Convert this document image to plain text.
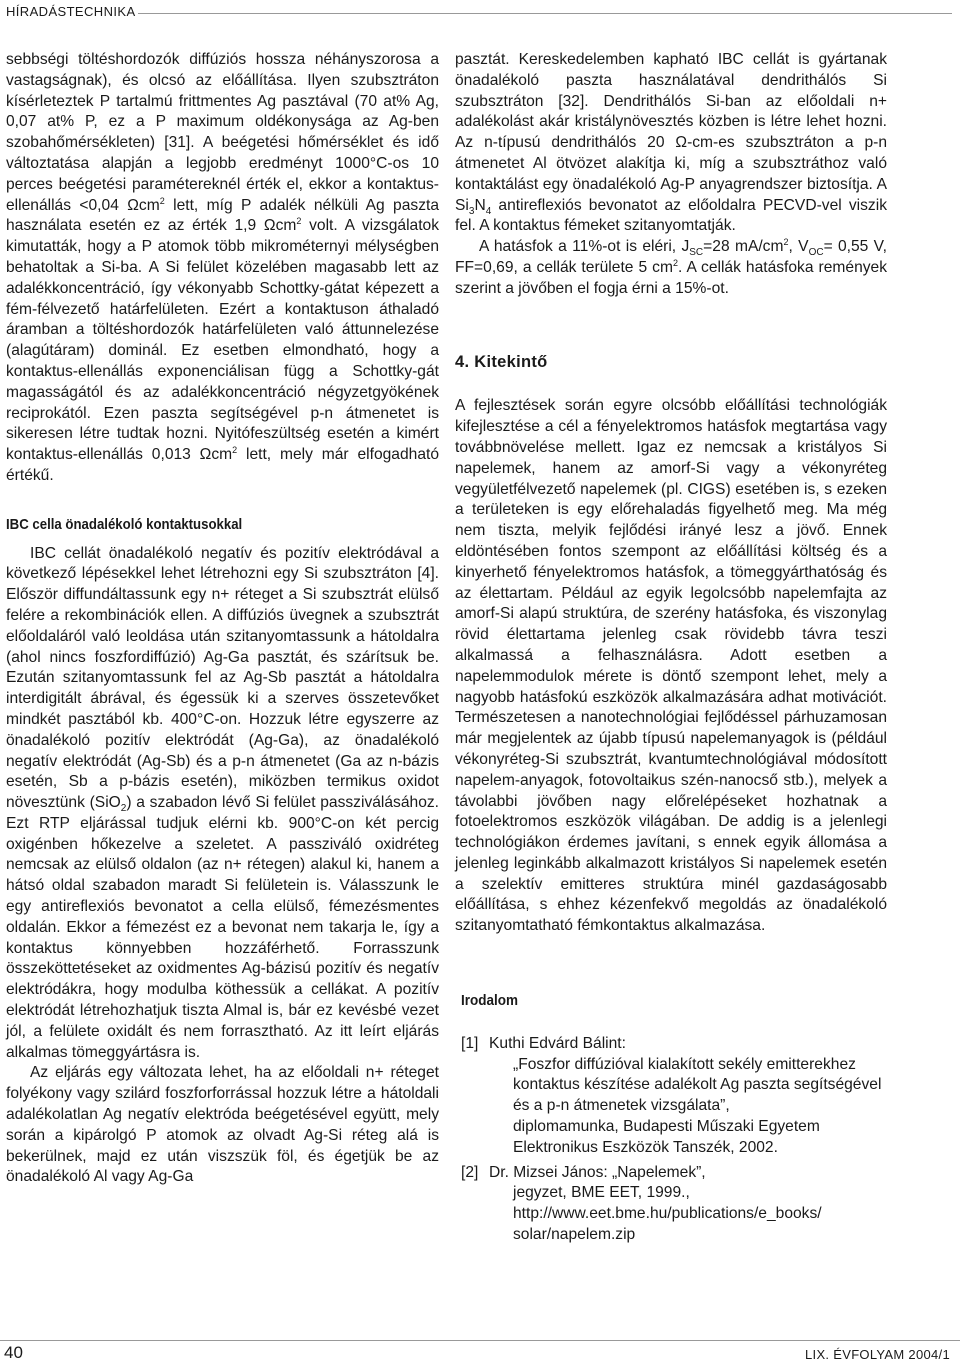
HÍRADÁSTECHNIKA

sebbségi töltéshordozók diffúziós hossza néhányszorosa a vastagságnak), és olcsó az előállítása. Ilyen szubsztráton kísérleteztek P tartalmú frittmentes Ag pasztával (70 at% Ag, 0,07 at% P, ez a P maximum oldékonysága az Ag-ben szobahőmérsékleten) [31]. A beégetési hőmérséklet és idő változtatása alapján a legjobb eredményt 1000°C-os 10 perces beégetési paramétereknél érték el, ekkor a kontaktus-ellenállás <0,04 Ωcm$^2$ lett, míg P adalék nélküli Ag paszta használata esetén ez az érték 1,9 Ωcm$^2$ volt. A vizsgálatok kimutatták, hogy a P atomok több mikrométernyi mélységben behatoltak a Si-ba. A Si felület közelében magasabb lett az adalékkoncentráció, így vékonyabb Schottky-gátat képezett a fém-félvezető határfelületen. Ezért a kontaktuson áthaladó áramban a töltéshordozók határfelületen való áttunnelezése (alagútáram) dominál. Ez esetben elmondható, hogy a kontaktus-ellenállás exponenciálisan függ a Schottky-gát magasságától és az adalékkoncentráció négyzetgyökének reciprokától. Ezen paszta segítségével p-n átmenetet is sikeresen létre tudtak hozni. Nyitófeszültség esetén a kimért kontaktus-ellenállás 0,013 Ωcm$^2$ lett, mely már elfogadható értékű.

IBC cella önadalékoló kontaktusokkal

IBC cellát önadalékoló negatív és pozitív elektródával a következő lépésekkel lehet létrehozni egy Si szubsztráton [4]. Először diffundáltassunk egy n+ réteget a Si szubsztrát elülső felére a rekombinációk ellen. A diffúziós üvegnek a szubsztrát előoldaláról való leoldása után szitanyomtassunk a hátoldalra (ahol nincs foszfordiffúzió) Ag-Ga pasztát, és szárítsuk be. Ezután szitanyomtassunk fel az Ag-Sb pasztát a hátoldalra interdigitált ábrával, és égessük ki a szerves összetevőket mindkét pasztából kb. 400°C-on. Hozzuk létre egyszerre az önadalékoló pozitív elektródát (Ag-Ga), az önadalékoló negatív elektródát (Ag-Sb) és a p-n átmenetet (Ga az n-bázis esetén, Sb a p-bázis esetén), miközben termikus oxidot növesztünk (SiO$_2$) a szabadon lévő Si felület passziválásához. Ezt RTP eljárással tudjuk elérni kb. 900°C-on két percig oxigénben hőkezelve a szeletet. A passziváló oxidréteg nemcsak az elülső oldalon (az n+ rétegen) alakul ki, hanem a hátsó oldal szabadon maradt Si felületein is. Válasszunk le egy antireflexiós bevonatot a cella elülső, fémezésmentes oldalán. Ekkor a fémezést ez a bevonat nem takarja le, így a kontaktus könnyebben hozzáférhető. Forrasszunk összeköttetéseket az oxidmentes Ag-bázisú pozitív és negatív elektródákra, hogy modulba köthessük a cellákat. A pozitív elektródát létrehozhatjuk tiszta Almal is, bár ez kevésbé vezet jól, a felülete oxidált és nem forrasztható. Az itt leírt eljárás alkalmas tömeggyártásra is.

Az eljárás egy változata lehet, ha az előoldali n+ réteget folyékony vagy szilárd foszforforrással hozzuk létre a hátoldali adalékolatlan Ag negatív elektróda beégetésével együtt, mely során a kipárolgó P atomok az olvadt Ag-Si réteg alá is bekerülnek, majd ez után viszszük föl, és égetjük be az önadalékoló Al vagy Ag-Ga

pasztát. Kereskedelemben kapható IBC cellát is gyártanak önadalékoló paszta használatával dendrithálós Si szubsztráton [32]. Dendrithálós Si-ban az előoldali n+ adalékolást akár kristálynövesztés közben is létre lehet hozni. Az n-típusú dendrithálós 20 Ω-cm-es szubsztráton a p-n átmenetet Al ötvözet alakítja ki, míg a szubsztráthoz való kontaktálást egy önadalékoló Ag-P anyagrendszer biztosítja. A $Si_3N_4$ antireflexiós bevonatot az előoldalra PECVD-vel viszik fel. A kontaktus fémeket szitanyomtatják.

A hatásfok a 11%-ot is eléri, $J_{SC}=28$ $mA/cm^2$, $V_{OC}= 0,55$ V, FF=0,69, a cellák területe 5 $cm^2$. A cellák hatásfoka remények szerint a jövőben el fogja érni a 15%-ot.

4. Kitekintő

A fejlesztések során egyre olcsóbb előállítási technológiák kifejlesztése a cél a fényelektromos hatásfok megtartása vagy továbbnövelése mellett. Igaz ez nemcsak a kristályos Si napelemek, hanem az amorf-Si vagy a vékonyréteg vegyületfélvezető napelemek (pl. CIGS) esetében is, s ezeken a területeken is egy előrehaladás figyelhető meg. Ma még nem tiszta, melyik fejlődési irányé lesz a jövő. Ennek eldöntésében fontos szempont az előállítási költség és a kinyerhető fényelektromos hatásfok, a tömeggyárthatóság és az élettartam. Például az egyik legolcsóbb napelemfajta az amorf-Si alapú struktúra, de szerény hatásfoka, és viszonylag rövid élettartama jelenleg csak rövidebb távra teszi alkalmassá a felhasználásra. Adott esetben a napelemmodulok mérete is döntő szempont lehet, mely a nagyobb hatásfokú eszközök alkalmazására adhat motivációt. Természetesen a nanotechnológiai fejlődéssel párhuzamosan már megjelentek az újabb típusú napelemanyagok is (például vékonyréteg-Si szubsztrát, kvantumtechnológiával módosított napelem-anyagok, fotovoltaikus szén-nanocső stb.), melyek a távolabbi jövőben nagy előrelépéseket hozhatnak a fotoelektromos eszközök világában. De addig is a jelenlegi technológiákon érdemes javítani, s ennek egyik állomása a jelenleg leginkább alkalmazott kristályos Si napelemek esetén a szelektív emitteres struktúra minél gazdaságosabb előállítása, s ehhez kézenfekvő megoldás az önadalékoló szitanyomtatható fémkontaktus alkalmazása.

Irodalom
[1] Kuthi Edvárd Bálint:
„Foszfor diffúzióval kialakított sekély emitterekhez kontaktus készítése adalékolt Ag paszta segítségével és a p-n átmenetek vizsgálata”,
diplomamunka, Budapesti Műszaki Egyetem
Elektronikus Eszközök Tanszék, 2002.
[2] Dr. Mizsei János: „Napelemek”,
jegyzet, BME EET, 1999.,
http://www.eet.bme.hu/publications/e_books/
solar/napelem.zip
40	LIX. ÉVFOLYAM 2004/1
